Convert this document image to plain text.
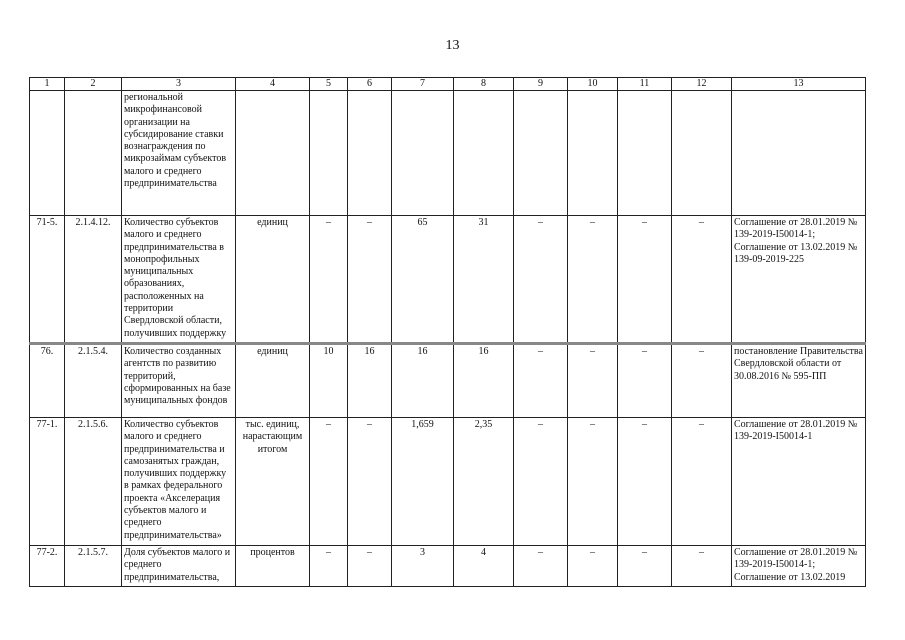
13
1	2	3	4	5	6	7	8	9	10	11	12	13
		региональной микрофинансовой организации на субсидирование ставки вознаграждения по микрозаймам субъектов малого и среднего предпринимательства										
71-5.	2.1.4.12.	Количество субъектов малого и среднего предпринимательства в монопрофильных муниципальных образованиях, расположенных на территории Свердловской области, получивших поддержку	единиц	–	–	65	31	–	–	–	–	Соглашение от 28.01.2019 № 139-2019-I50014-1; Соглашение от 13.02.2019 № 139-09-2019-225
76.	2.1.5.4.	Количество созданных агентств по развитию территорий, сформированных на базе муниципальных фондов	единиц	10	16	16	16	–	–	–	–	постановление Правительства Свердловской области от 30.08.2016 № 595-ПП
77-1.	2.1.5.6.	Количество субъектов малого и среднего предпринимательства и самозанятых граждан, получивших поддержку в рамках федерального проекта «Акселерация субъектов малого и среднего предпринимательства»	тыс. единиц, нарастающим итогом	–	–	1,659	2,35	–	–	–	–	Соглашение от 28.01.2019 № 139-2019-I50014-1
77-2.	2.1.5.7.	Доля субъектов малого и среднего предпринимательства,	процентов	–	–	3	4	–	–	–	–	Соглашение от 28.01.2019 № 139-2019-I50014-1; Соглашение от 13.02.2019
